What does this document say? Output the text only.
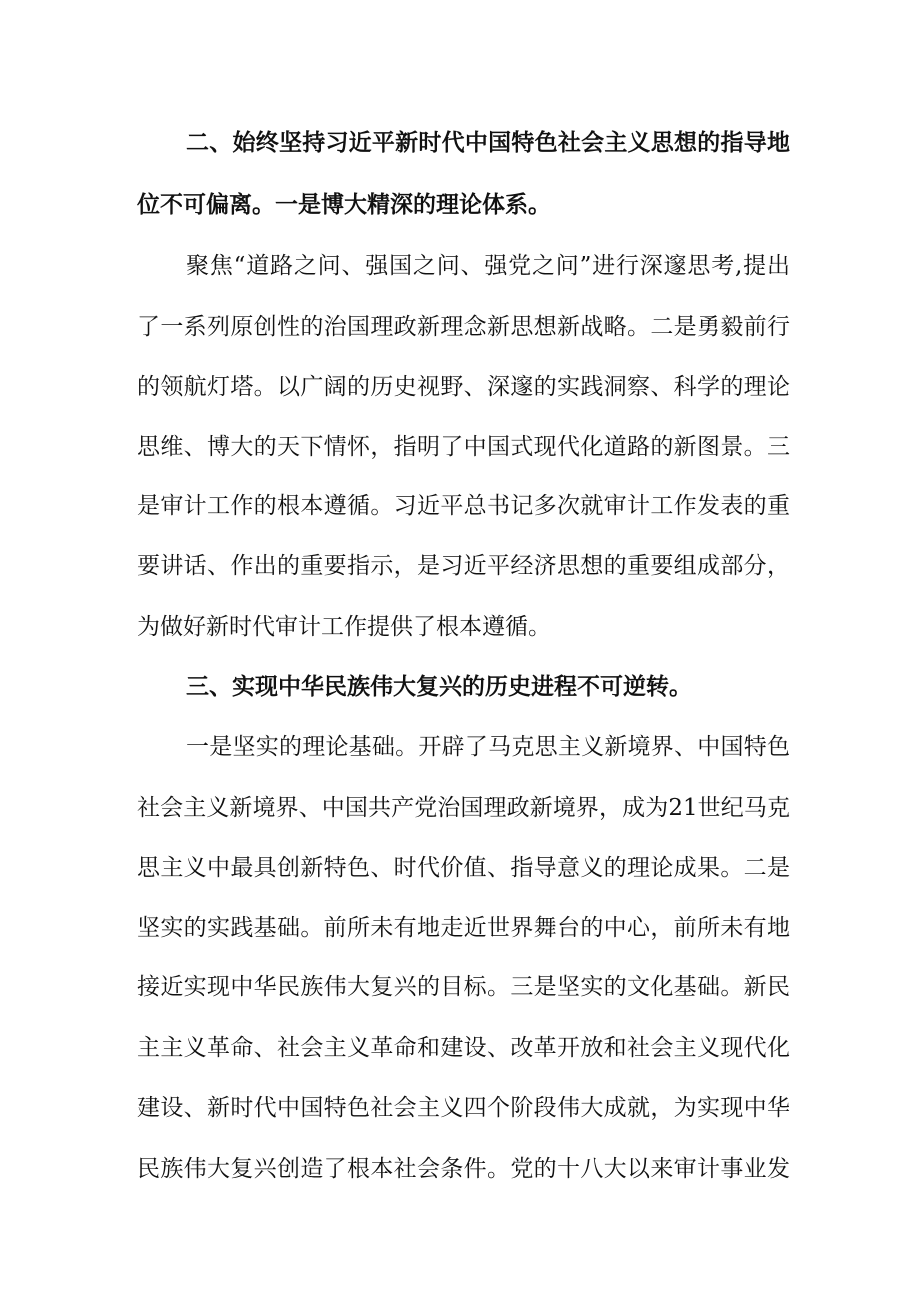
二、始终坚持习近平新时代中国特色社会主义思想的指导地
位不可偏离。一是博大精深的理论体系。
聚焦“道路之问、强国之问、强党之问”进行深邃思考,提出
了一系列原创性的治国理政新理念新思想新战略。二是勇毅前行
的领航灯塔。以广阔的历史视野、深邃的实践洞察、科学的理论
思维、博大的天下情怀，指明了中国式现代化道路的新图景。三
是审计工作的根本遵循。习近平总书记多次就审计工作发表的重
要讲话、作出的重要指示，是习近平经济思想的重要组成部分，
为做好新时代审计工作提供了根本遵循。
三、实现中华民族伟大复兴的历史进程不可逆转。
一是坚实的理论基础。开辟了马克思主义新境界、中国特色
社会主义新境界、中国共产党治国理政新境界，成为21世纪马克
思主义中最具创新特色、时代价值、指导意义的理论成果。二是
坚实的实践基础。前所未有地走近世界舞台的中心，前所未有地
接近实现中华民族伟大复兴的目标。三是坚实的文化基础。新民
主主义革命、社会主义革命和建设、改革开放和社会主义现代化
建设、新时代中国特色社会主义四个阶段伟大成就，为实现中华
民族伟大复兴创造了根本社会条件。党的十八大以来审计事业发
